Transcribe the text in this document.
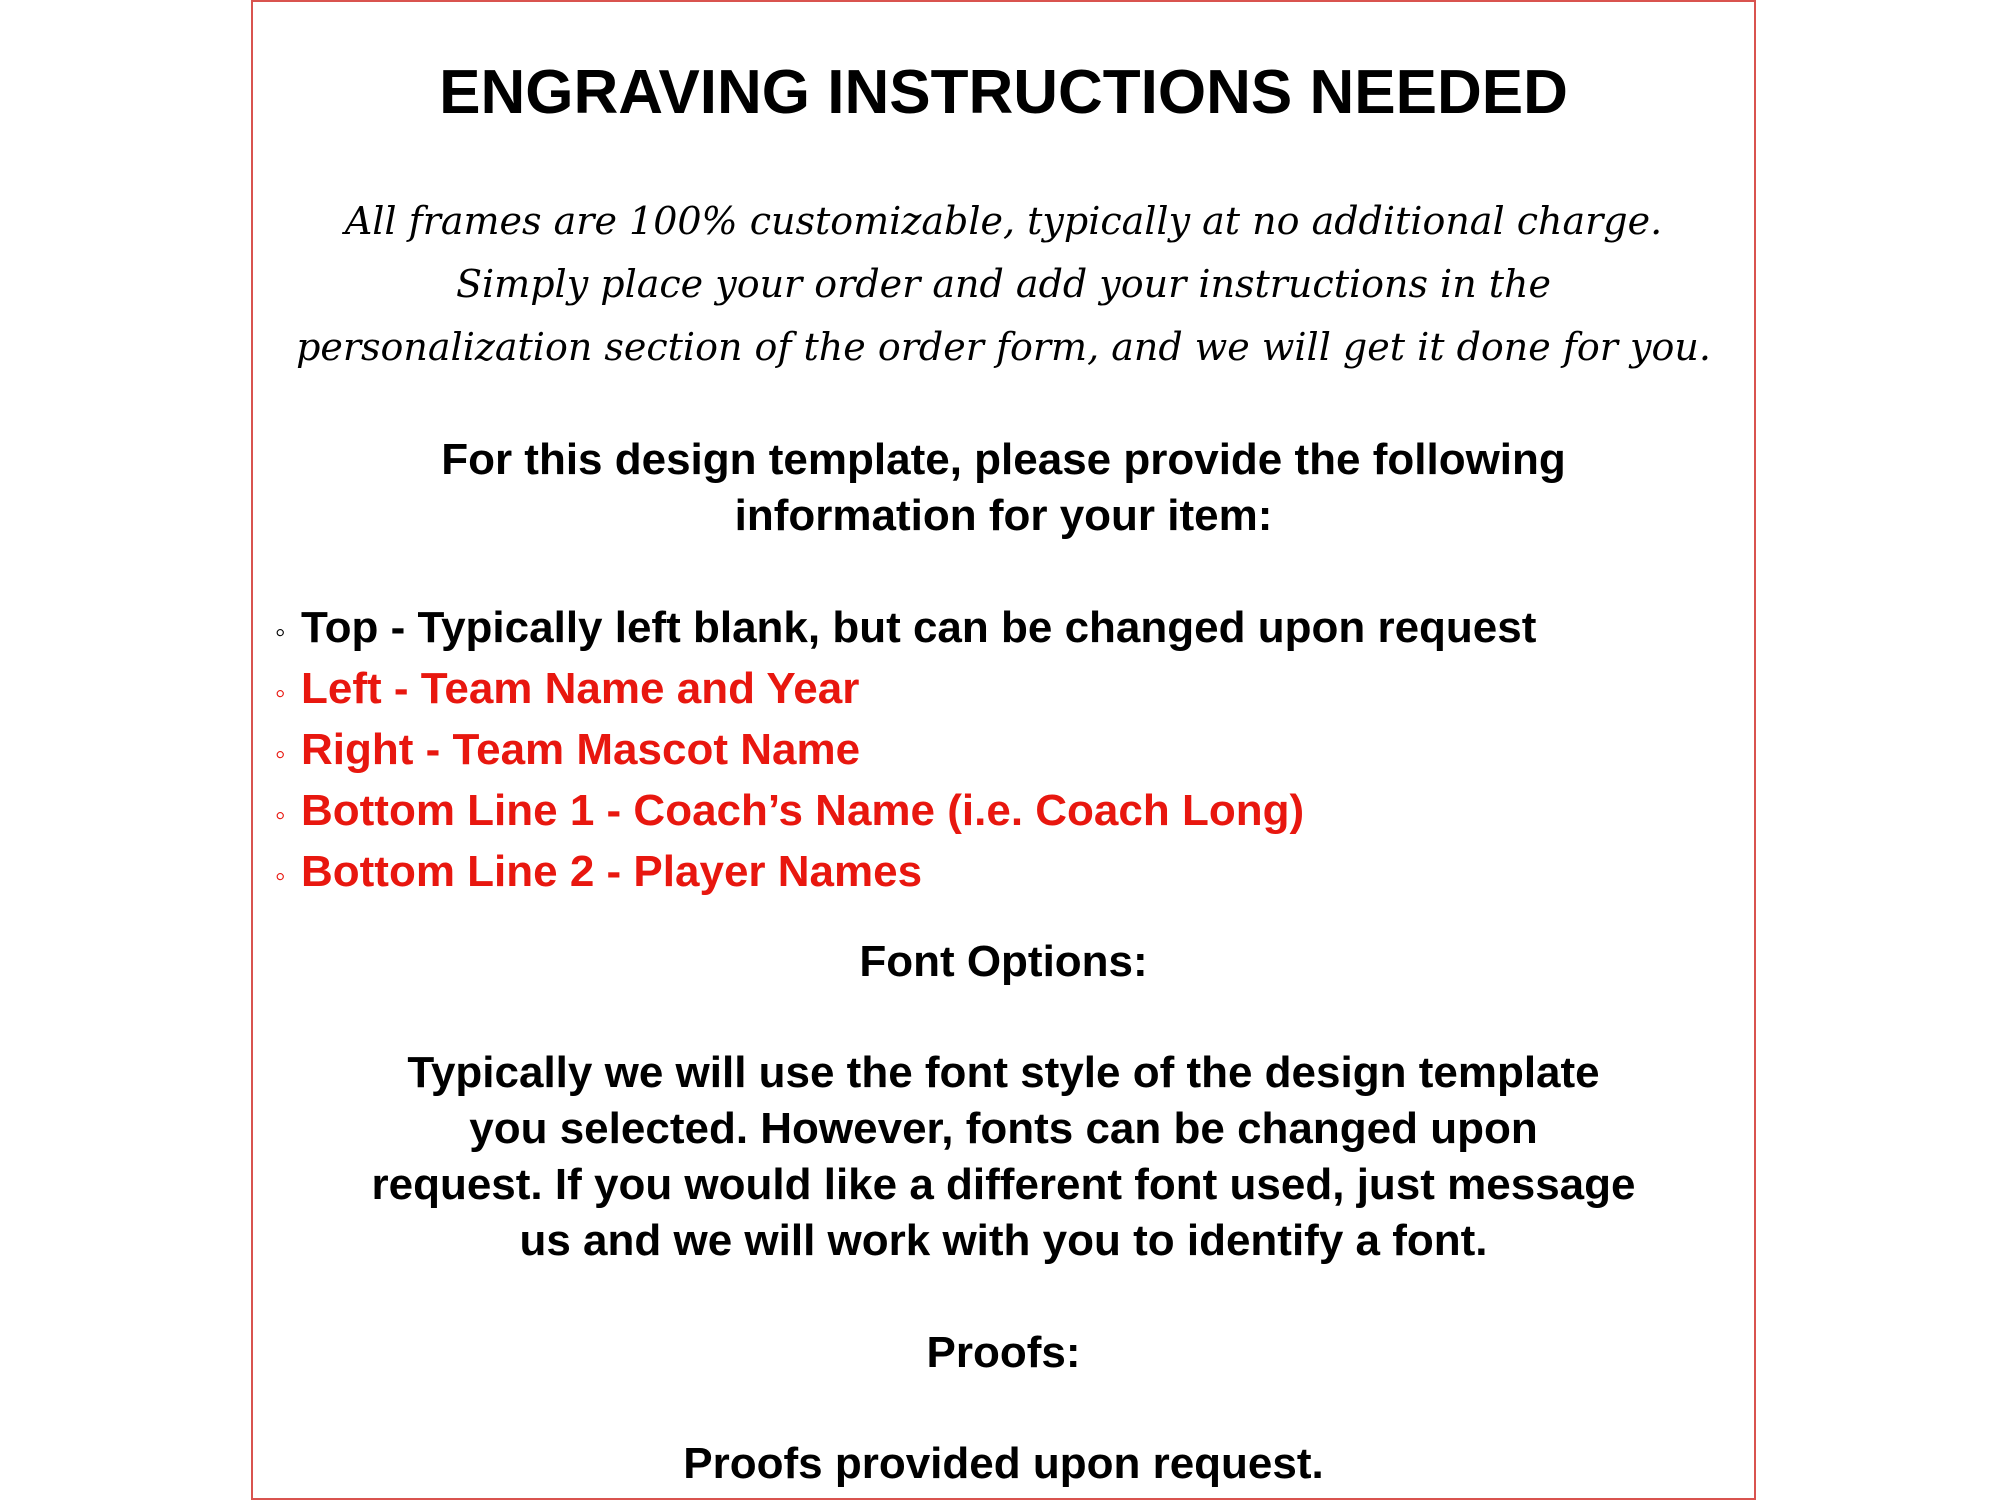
ENGRAVING INSTRUCTIONS NEEDED
All frames are 100% customizable, typically at no additional charge.
Simply place your order and add your instructions in the
personalization section of the order form, and we will get it done for you.
For this design template, please provide the following
information for your item:
◦ Top - Typically left blank, but can be changed upon request
◦ Left - Team Name and Year
◦ Right - Team Mascot Name
◦ Bottom Line 1 - Coach’s Name (i.e. Coach Long)
◦ Bottom Line 2 - Player Names
Font Options:
Typically we will use the font style of the design template
you selected. However, fonts can be changed upon
request. If you would like a different font used, just message
us and we will work with you to identify a font.
Proofs:
Proofs provided upon request.
